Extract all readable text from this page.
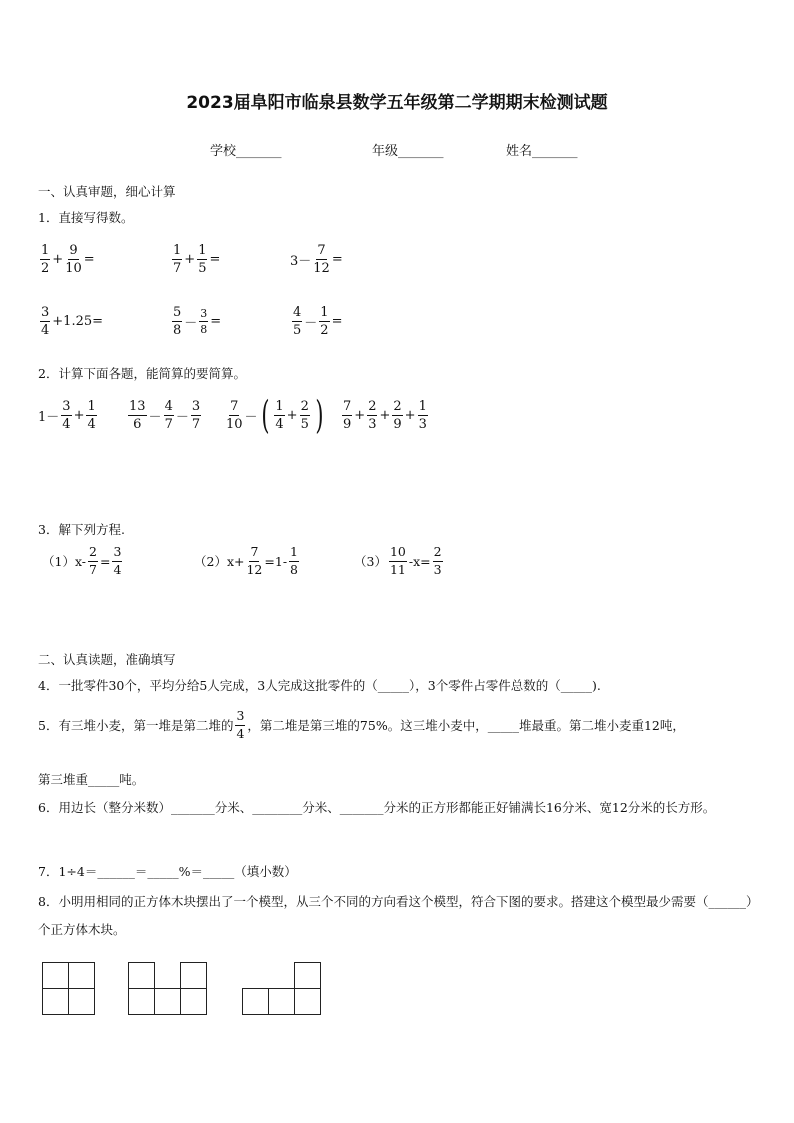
2023届阜阳市临泉县数学五年级第二学期期末检测试题
学校_______	年级_______	姓名_______
一、认真审题，细心计算
1．直接写得数。
$\frac{1}{2} + \frac{9}{10}$ =	$\frac{1}{7} + \frac{1}{5}$ =	$3- \frac{7}{12}$ =
$\frac{3}{4} +1.25=$	$\frac{5}{8} - \frac{3}{8}$ =	$\frac{4}{5} - \frac{1}{2}$ =
2．计算下面各题，能简算的要简算。
$1- \frac{3}{4} + \frac{1}{4} \frac{13}{6} - \frac{4}{7} - \frac{3}{7} \frac{7}{10}$ － ( $\frac{1}{4} + \frac{2}{5}$ ) $\frac{7}{9} + \frac{2}{3} + \frac{2}{9} + \frac{1}{3}$
3．解下列方程.
（1） $x- \frac{2}{7} = \frac{3}{4}$	（2） $x+ \frac{7}{12} =1- \frac{1}{8}$	$(3) \frac{10}{11} -x= \frac{2}{3}$
二、认真读题，准确填写
4．一批零件30个，平均分给5人完成，3人完成这批零件的（_____），3个零件占零件总数的（_____).
5．有三堆小麦，第一堆是第二堆的 $\frac{3}{4}$ ，第二堆是第三堆的75%。这三堆小麦中，_____堆最重。第二堆小麦重12吨，
第三堆重_____吨。
6．用边长（整分米数）_______分米、________分米、_______分米的正方形都能正好铺满长16分米、宽12分米的长方形。
7．1÷4＝______＝_____%＝_____（填小数）
8．小明用相同的正方体木块摆出了一个模型，从三个不同的方向看这个模型，符合下图的要求。搭建这个模型最少需要（______）个正方体木块。
